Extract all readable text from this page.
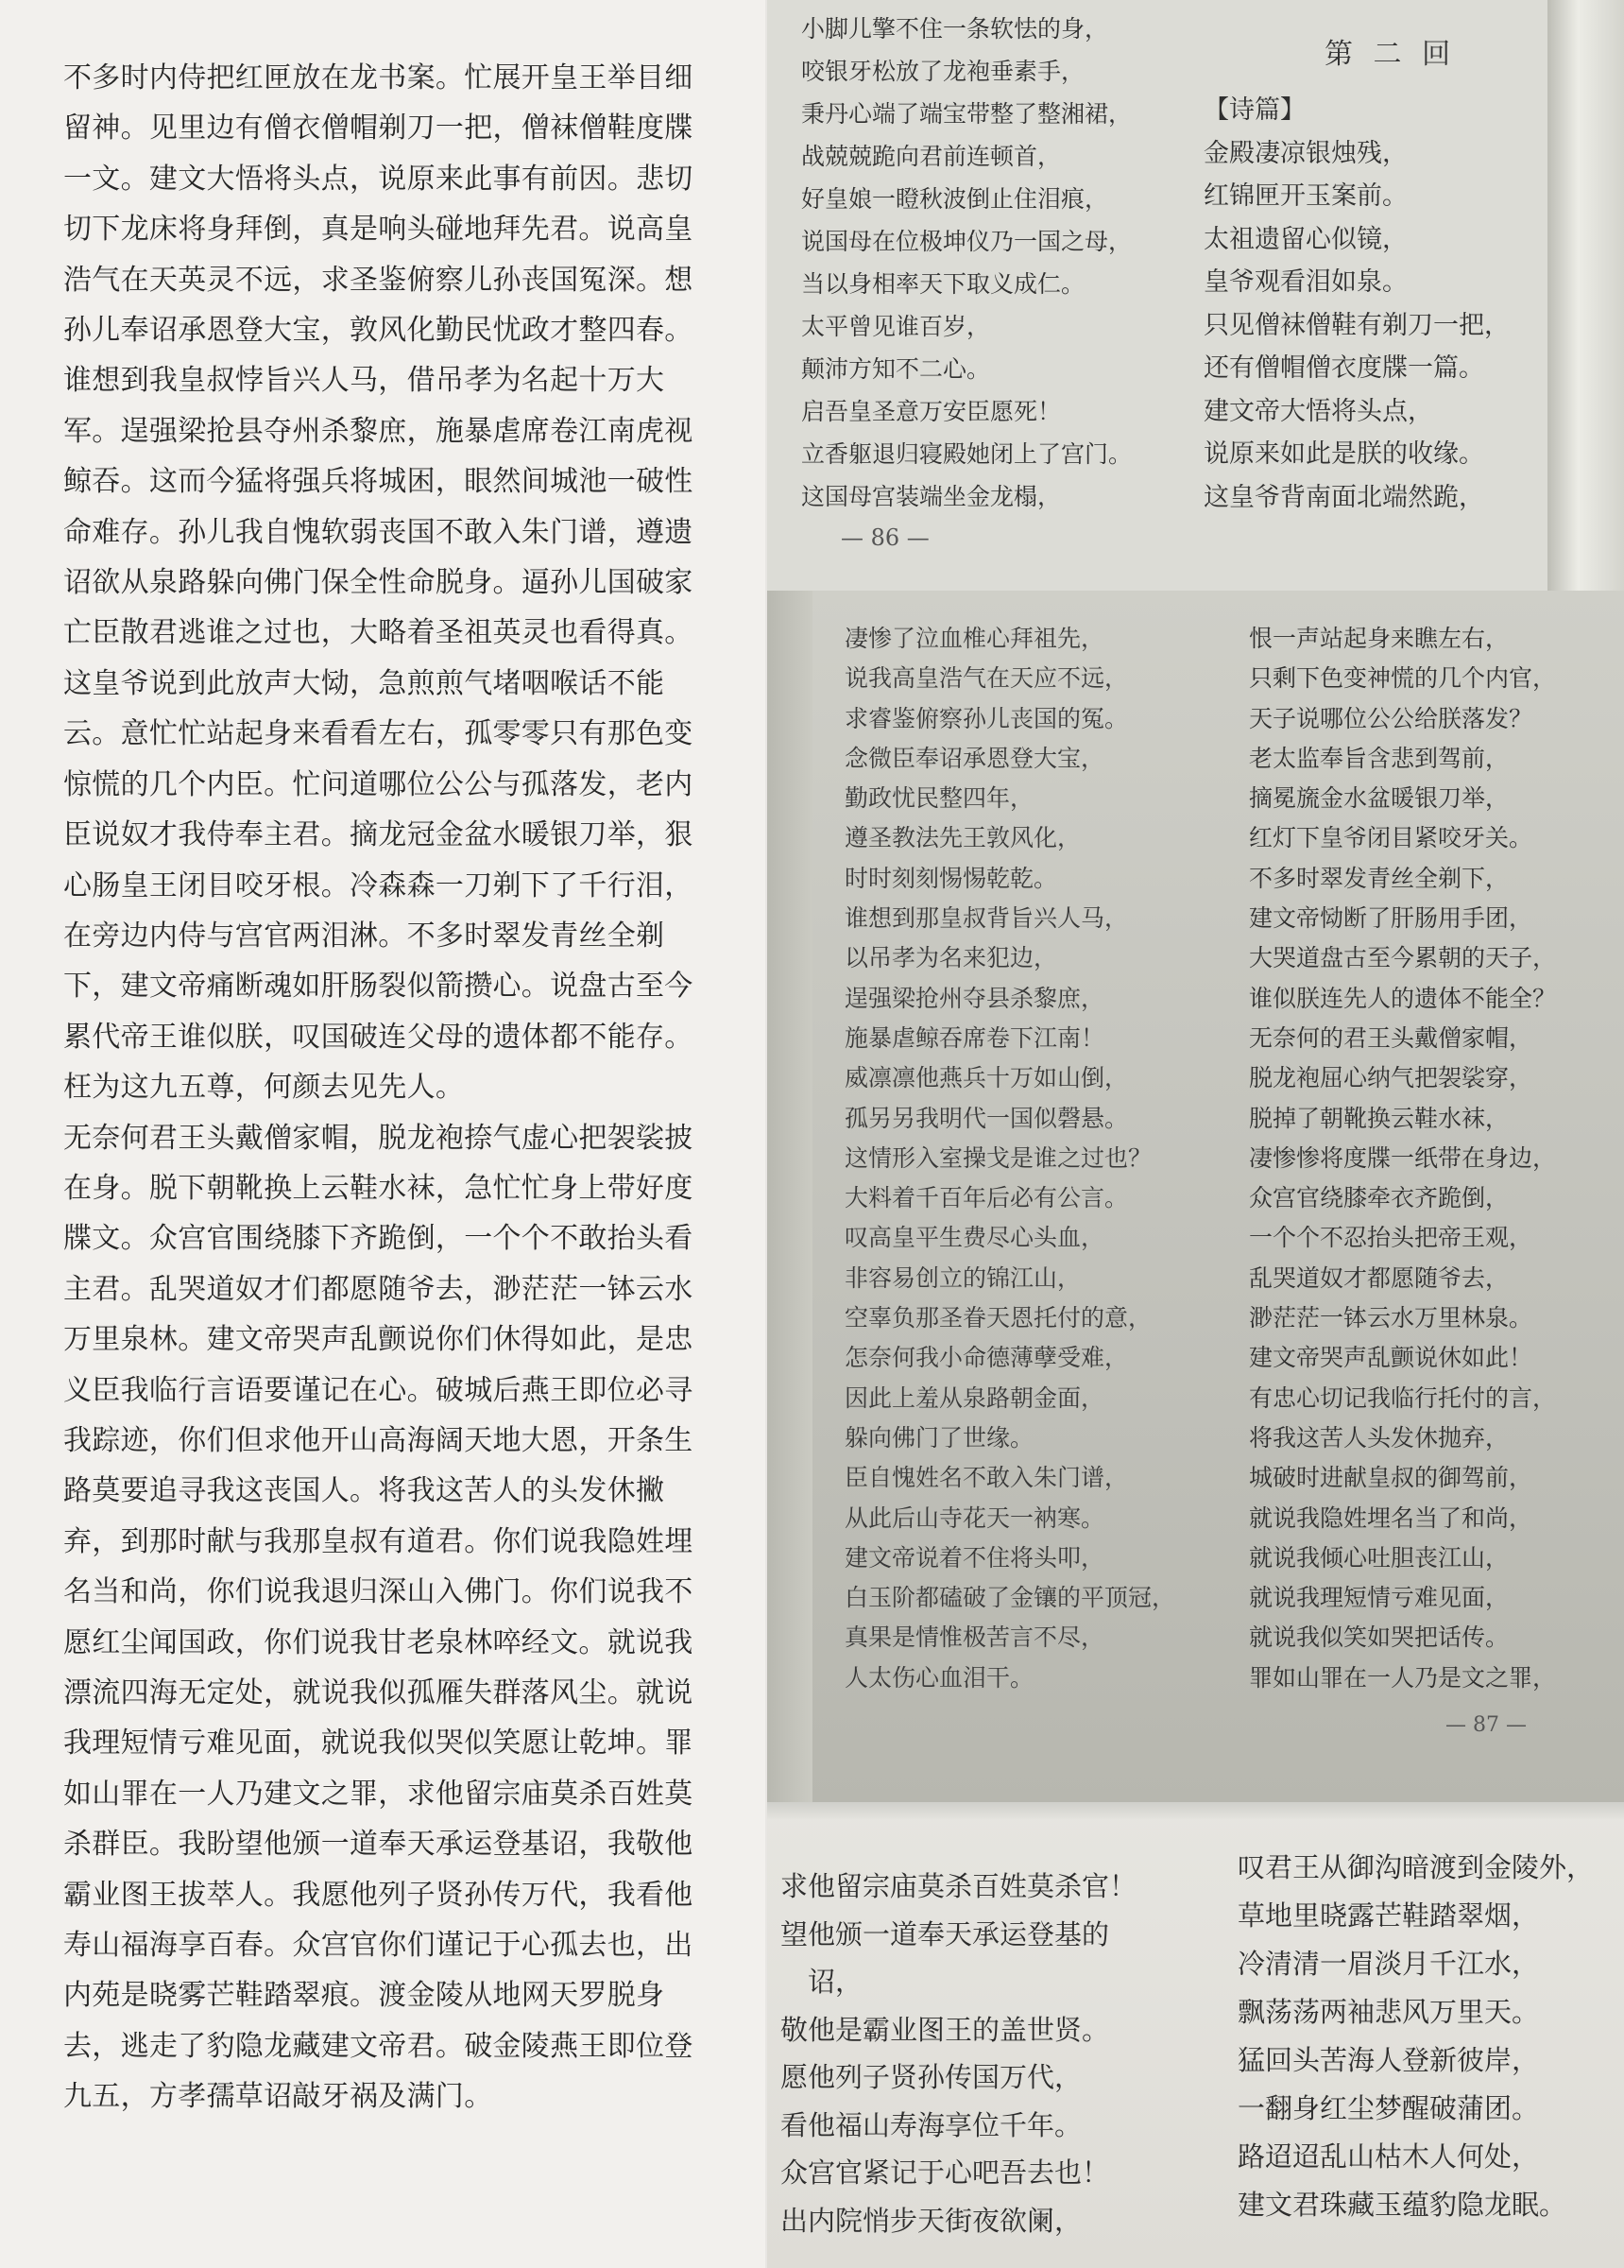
不多时内侍把红匣放在龙书案。忙展开皇王举目细留神。见里边有僧衣僧帽剃刀一把，僧袜僧鞋度牒一文。建文大悟将头点，说原来此事有前因。悲切切下龙床将身拜倒，真是响头碰地拜先君。说高皇浩气在天英灵不远，求圣鉴俯察儿孙丧国冤深。想孙儿奉诏承恩登大宝，敦风化勤民忧政才整四春。谁想到我皇叔悖旨兴人马，借吊孝为名起十万大军。逞强梁抢县夺州杀黎庶，施暴虐席卷江南虎视鲸吞。这而今猛将强兵将城困，眼然间城池一破性命难存。孙儿我自愧软弱丧国不敢入朱门谱，遵遗诏欲从泉路躲向佛门保全性命脱身。逼孙儿国破家亡臣散君逃谁之过也，大略着圣祖英灵也看得真。这皇爷说到此放声大恸，急煎煎气堵咽喉话不能云。意忙忙站起身来看看左右，孤零零只有那色变惊慌的几个内臣。忙问道哪位公公与孤落发，老内臣说奴才我侍奉主君。摘龙冠金盆水暖银刀举，狠心肠皇王闭目咬牙根。冷森森一刀剃下了千行泪，在旁边内侍与宫官两泪淋。不多时翠发青丝全剃下，建文帝痛断魂如肝肠裂似箭攒心。说盘古至今累代帝王谁似朕，叹国破连父母的遗体都不能存。枉为这九五尊，何颜去见先人。

无奈何君王头戴僧家帽，脱龙袍捺气虚心把袈裟披在身。脱下朝靴换上云鞋水袜，急忙忙身上带好度牒文。众宫官围绕膝下齐跪倒，一个个不敢抬头看主君。乱哭道奴才们都愿随爷去，渺茫茫一钵云水万里泉林。建文帝哭声乱颤说你们休得如此，是忠义臣我临行言语要谨记在心。破城后燕王即位必寻我踪迹，你们但求他开山高海阔天地大恩，开条生路莫要追寻我这丧国人。将我这苦人的头发休撇弃，到那时献与我那皇叔有道君。你们说我隐姓埋名当和尚，你们说我退归深山入佛门。你们说我不愿红尘闻国政，你们说我甘老泉林啐经文。就说我漂流四海无定处，就说我似孤雁失群落风尘。就说我理短情亏难见面，就说我似哭似笑愿让乾坤。罪如山罪在一人乃建文之罪，求他留宗庙莫杀百姓莫杀群臣。我盼望他颁一道奉天承运登基诏，我敬他霸业图王拔萃人。我愿他列子贤孙传万代，我看他寿山福海享百春。众宫官你们谨记于心孤去也，出内苑是晓雾芒鞋踏翠痕。渡金陵从地网天罗脱身去，逃走了豹隐龙藏建文帝君。破金陵燕王即位登九五，方孝孺草诏敲牙祸及满门。

小脚儿擎不住一条软怯的身，
咬银牙松放了龙袍垂素手，
秉丹心端了端宝带整了整湘裙，
战兢兢跪向君前连顿首，
好皇娘一瞪秋波倒止住泪痕，
说国母在位极坤仪乃一国之母，
当以身相率天下取义成仁。
太平曾见谁百岁，
颠沛方知不二心。
启吾皇圣意万安臣愿死！
立香躯退归寝殿她闭上了宫门。
这国母宫装端坐金龙榻，
第 二 回
【诗篇】
金殿凄凉银烛残，
红锦匣开玉案前。
太祖遗留心似镜，
皇爷观看泪如泉。
只见僧袜僧鞋有剃刀一把，
还有僧帽僧衣度牒一篇。
建文帝大悟将头点，
说原来如此是朕的收缘。
这皇爷背南面北端然跪，
— 86 —
凄惨了泣血椎心拜祖先，
说我高皇浩气在天应不远，
求睿鉴俯察孙儿丧国的冤。
念微臣奉诏承恩登大宝，
勤政忧民整四年，
遵圣教法先王敦风化，
时时刻刻惕惕乾乾。
谁想到那皇叔背旨兴人马，
以吊孝为名来犯边，
逞强梁抢州夺县杀黎庶，
施暴虐鲸吞席卷下江南！
威凛凛他燕兵十万如山倒，
孤另另我明代一国似磬悬。
这情形入室操戈是谁之过也？
大料着千百年后必有公言。
叹高皇平生费尽心头血，
非容易创立的锦江山，
空辜负那圣眷天恩托付的意，
怎奈何我小命德薄孽受难，
因此上羞从泉路朝金面，
躲向佛门了世缘。
臣自愧姓名不敢入朱门谱，
从此后山寺花天一衲寒。
建文帝说着不住将头叩，
白玉阶都磕破了金镶的平顶冠，
真果是情惟极苦言不尽，
人太伤心血泪干。
恨一声站起身来瞧左右，
只剩下色变神慌的几个内官，
天子说哪位公公给朕落发？
老太监奉旨含悲到驾前，
摘冕旒金水盆暖银刀举，
红灯下皇爷闭目紧咬牙关。
不多时翠发青丝全剃下，
建文帝恸断了肝肠用手团，
大哭道盘古至今累朝的天子，
谁似朕连先人的遗体不能全？
无奈何的君王头戴僧家帽，
脱龙袍屈心纳气把袈裟穿，
脱掉了朝靴换云鞋水袜，
凄惨惨将度牒一纸带在身边，
众宫官绕膝牵衣齐跪倒，
一个个不忍抬头把帝王观，
乱哭道奴才都愿随爷去，
渺茫茫一钵云水万里林泉。
建文帝哭声乱颤说休如此！
有忠心切记我临行托付的言，
将我这苦人头发休抛弃，
城破时进献皇叔的御驾前，
就说我隐姓埋名当了和尚，
就说我倾心吐胆丧江山，
就说我理短情亏难见面，
就说我似笑如哭把话传。
罪如山罪在一人乃是文之罪，
— 87 —
求他留宗庙莫杀百姓莫杀官！
望他颁一道奉天承运登基的
　诏，
敬他是霸业图王的盖世贤。
愿他列子贤孙传国万代，
看他福山寿海享位千年。
众宫官紧记于心吧吾去也！
出内院悄步天街夜欲阑，
叹君王从御沟暗渡到金陵外，
草地里晓露芒鞋踏翠烟，
冷清清一眉淡月千江水，
飘荡荡两袖悲风万里天。
猛回头苦海人登新彼岸，
一翻身红尘梦醒破蒲团。
路迢迢乱山枯木人何处，
建文君珠藏玉蕴豹隐龙眠。
